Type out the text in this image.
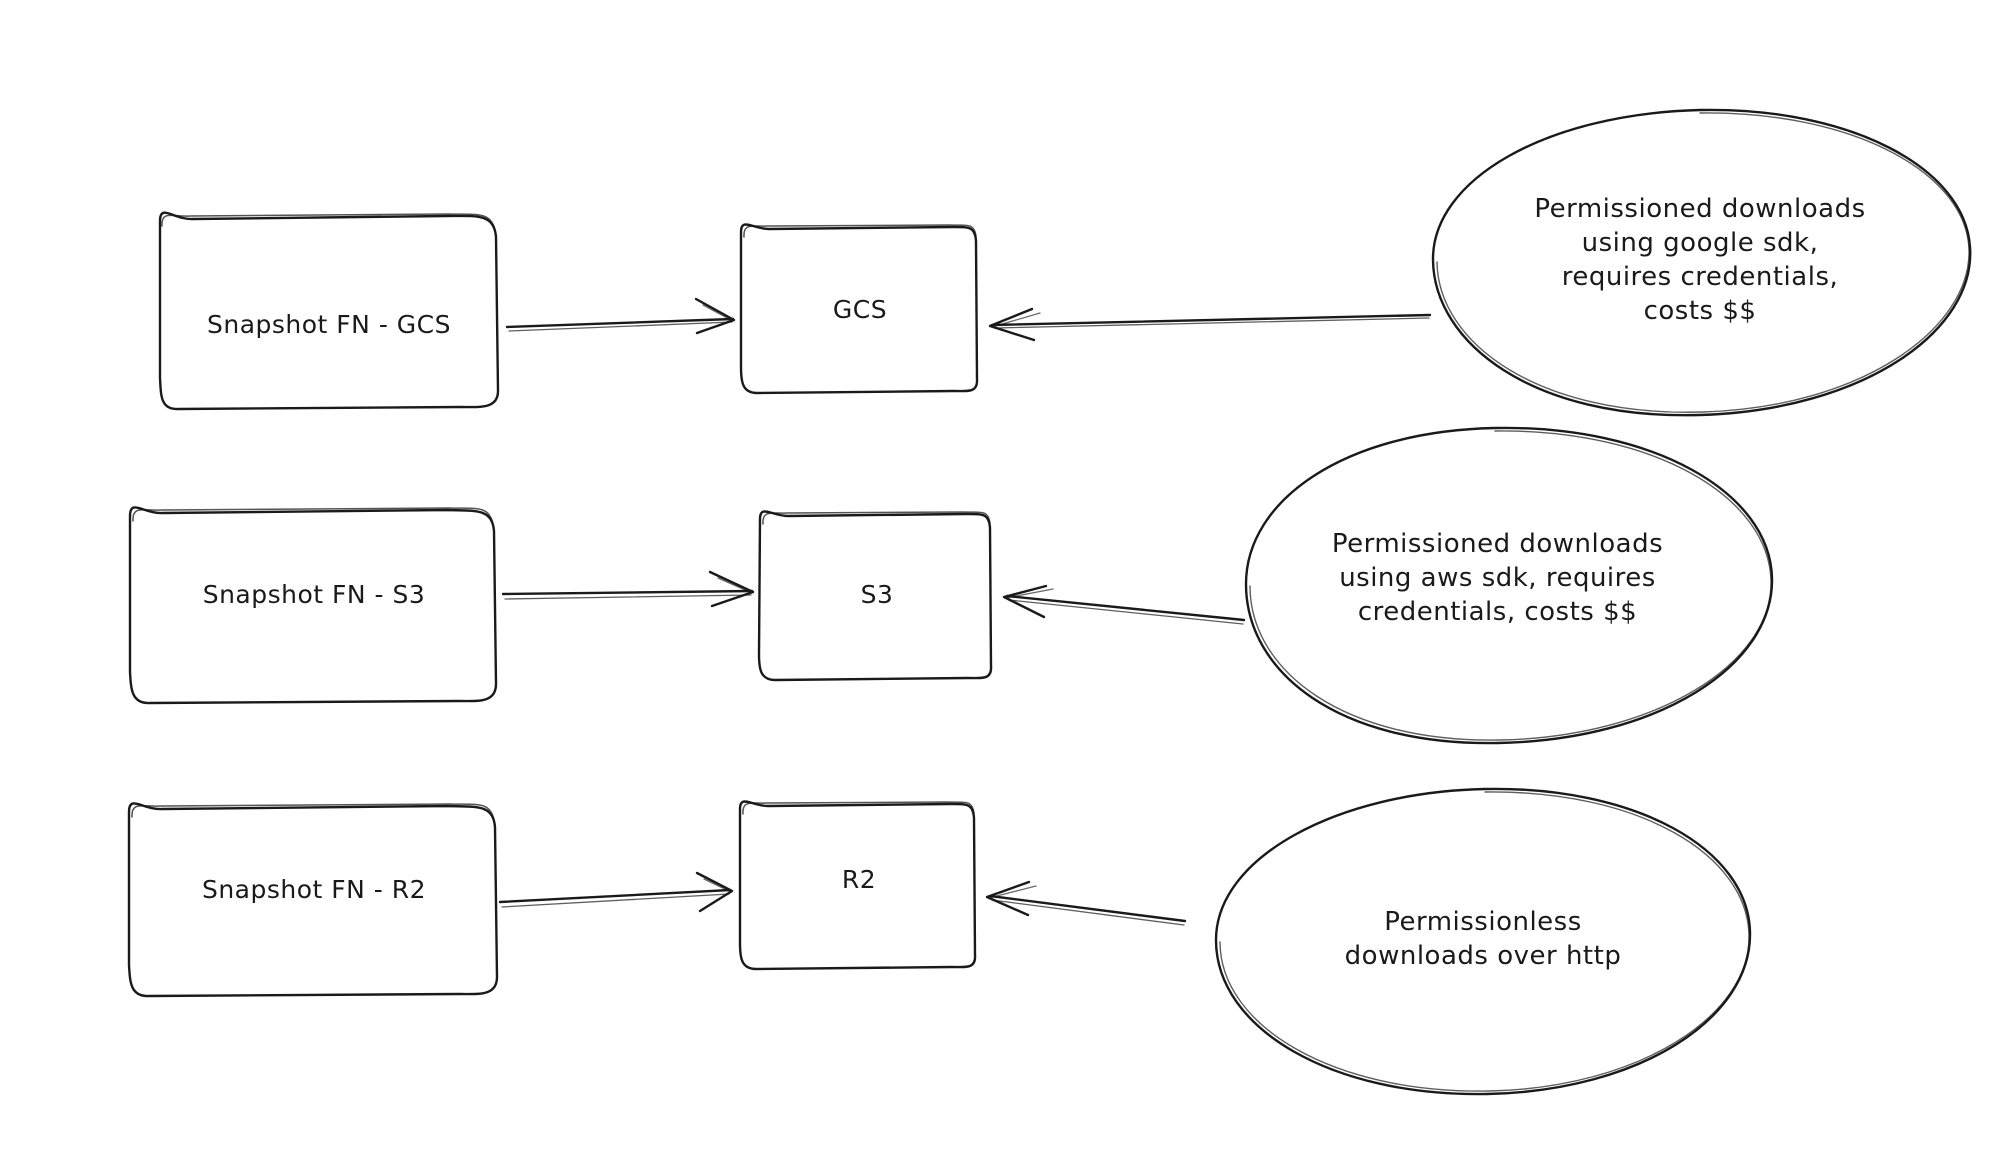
Snapshot FN - GCS
GCS
Snapshot FN - S3	S3
Snapshot FN - R2	R2
Permissioned downloads
using google sdk,
requires credentials,
costs $$
Permissioned downloads
using aws sdk, requires
credentials, costs $$
Permissionless
downloads over http
